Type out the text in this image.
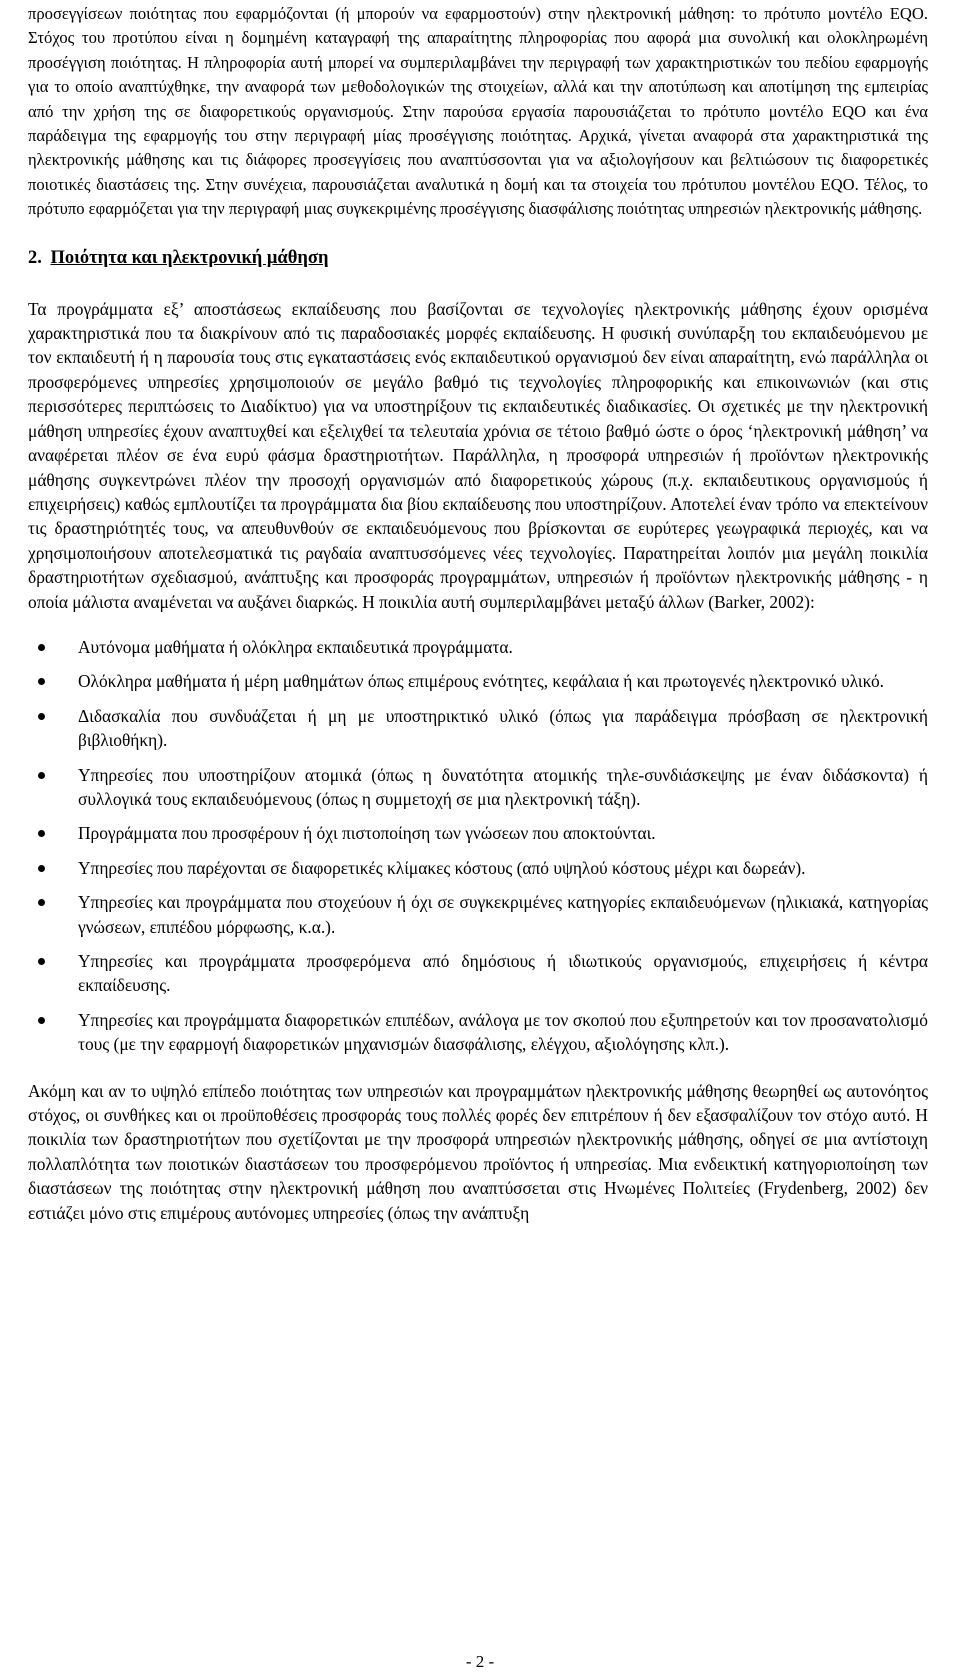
προσεγγίσεων ποιότητας που εφαρμόζονται (ή μπορούν να εφαρμοστούν) στην ηλεκτρονική μάθηση: το πρότυπο μοντέλο EQO. Στόχος του προτύπου είναι η δομημένη καταγραφή της απαραίτητης πληροφορίας που αφορά μια συνολική και ολοκληρωμένη προσέγγιση ποιότητας. Η πληροφορία αυτή μπορεί να συμπεριλαμβάνει την περιγραφή των χαρακτηριστικών του πεδίου εφαρμογής για το οποίο αναπτύχθηκε, την αναφορά των μεθοδολογικών της στοιχείων, αλλά και την αποτύπωση και αποτίμηση της εμπειρίας από την χρήση της σε διαφορετικούς οργανισμούς. Στην παρούσα εργασία παρουσιάζεται το πρότυπο μοντέλο EQO και ένα παράδειγμα της εφαρμογής του στην περιγραφή μίας προσέγγισης ποιότητας. Αρχικά, γίνεται αναφορά στα χαρακτηριστικά της ηλεκτρονικής μάθησης και τις διάφορες προσεγγίσεις που αναπτύσσονται για να αξιολογήσουν και βελτιώσουν τις διαφορετικές ποιοτικές διαστάσεις της. Στην συνέχεια, παρουσιάζεται αναλυτικά η δομή και τα στοιχεία του πρότυπου μοντέλου EQO. Τέλος, το πρότυπο εφαρμόζεται για την περιγραφή μιας συγκεκριμένης προσέγγισης διασφάλισης ποιότητας υπηρεσιών ηλεκτρονικής μάθησης.

2. Ποιότητα και ηλεκτρονική μάθηση

Τα προγράμματα εξ’ αποστάσεως εκπαίδευσης που βασίζονται σε τεχνολογίες ηλεκτρονικής μάθησης έχουν ορισμένα χαρακτηριστικά που τα διακρίνουν από τις παραδοσιακές μορφές εκπαίδευσης. Η φυσική συνύπαρξη του εκπαιδευόμενου με τον εκπαιδευτή ή η παρουσία τους στις εγκαταστάσεις ενός εκπαιδευτικού οργανισμού δεν είναι απαραίτητη, ενώ παράλληλα οι προσφερόμενες υπηρεσίες χρησιμοποιούν σε μεγάλο βαθμό τις τεχνολογίες πληροφορικής και επικοινωνιών (και στις περισσότερες περιπτώσεις το Διαδίκτυο) για να υποστηρίξουν τις εκπαιδευτικές διαδικασίες. Οι σχετικές με την ηλεκτρονική μάθηση υπηρεσίες έχουν αναπτυχθεί και εξελιχθεί τα τελευταία χρόνια σε τέτοιο βαθμό ώστε ο όρος ‘ηλεκτρονική μάθηση’ να αναφέρεται πλέον σε ένα ευρύ φάσμα δραστηριοτήτων. Παράλληλα, η προσφορά υπηρεσιών ή προϊόντων ηλεκτρονικής μάθησης συγκεντρώνει πλέον την προσοχή οργανισμών από διαφορετικούς χώρους (π.χ. εκπαιδευτικους οργανισμούς ή επιχειρήσεις) καθώς εμπλουτίζει τα προγράμματα δια βίου εκπαίδευσης που υποστηρίζουν. Αποτελεί έναν τρόπο να επεκτείνουν τις δραστηριότητές τους, να απευθυνθούν σε εκπαιδευόμενους που βρίσκονται σε ευρύτερες γεωγραφικά περιοχές, και να χρησιμοποιήσουν αποτελεσματικά τις ραγδαία αναπτυσσόμενες νέες τεχνολογίες. Παρατηρείται λοιπόν μια μεγάλη ποικιλία δραστηριοτήτων σχεδιασμού, ανάπτυξης και προσφοράς προγραμμάτων, υπηρεσιών ή προϊόντων ηλεκτρονικής μάθησης - η οποία μάλιστα αναμένεται να αυξάνει διαρκώς. Η ποικιλία αυτή συμπεριλαμβάνει μεταξύ άλλων (Barker, 2002):

Αυτόνομα μαθήματα ή ολόκληρα εκπαιδευτικά προγράμματα.
Ολόκληρα μαθήματα ή μέρη μαθημάτων όπως επιμέρους ενότητες, κεφάλαια ή και πρωτογενές ηλεκτρονικό υλικό.
Διδασκαλία που συνδυάζεται ή μη με υποστηρικτικό υλικό (όπως για παράδειγμα πρόσβαση σε ηλεκτρονική βιβλιοθήκη).
Υπηρεσίες που υποστηρίζουν ατομικά (όπως η δυνατότητα ατομικής τηλε-συνδιάσκεψης με έναν διδάσκοντα) ή συλλογικά τους εκπαιδευόμενους (όπως η συμμετοχή σε μια ηλεκτρονική τάξη).
Προγράμματα που προσφέρουν ή όχι πιστοποίηση των γνώσεων που αποκτούνται.
Υπηρεσίες που παρέχονται σε διαφορετικές κλίμακες κόστους (από υψηλού κόστους μέχρι και δωρεάν).
Υπηρεσίες και προγράμματα που στοχεύουν ή όχι σε συγκεκριμένες κατηγορίες εκπαιδευόμενων (ηλικιακά, κατηγορίας γνώσεων, επιπέδου μόρφωσης, κ.α.).
Υπηρεσίες και προγράμματα προσφερόμενα από δημόσιους ή ιδιωτικούς οργανισμούς, επιχειρήσεις ή κέντρα εκπαίδευσης.
Υπηρεσίες και προγράμματα διαφορετικών επιπέδων, ανάλογα με τον σκοπού που εξυπηρετούν και τον προσανατολισμό τους (με την εφαρμογή διαφορετικών μηχανισμών διασφάλισης, ελέγχου, αξιολόγησης κλπ.).

Ακόμη και αν το υψηλό επίπεδο ποιότητας των υπηρεσιών και προγραμμάτων ηλεκτρονικής μάθησης θεωρηθεί ως αυτονόητος στόχος, οι συνθήκες και οι προϋποθέσεις προσφοράς τους πολλές φορές δεν επιτρέπουν ή δεν εξασφαλίζουν τον στόχο αυτό. Η ποικιλία των δραστηριοτήτων που σχετίζονται με την προσφορά υπηρεσιών ηλεκτρονικής μάθησης, οδηγεί σε μια αντίστοιχη πολλαπλότητα των ποιοτικών διαστάσεων του προσφερόμενου προϊόντος ή υπηρεσίας. Μια ενδεικτική κατηγοριοποίηση των διαστάσεων της ποιότητας στην ηλεκτρονική μάθηση που αναπτύσσεται στις Ηνωμένες Πολιτείες (Frydenberg, 2002) δεν εστιάζει μόνο στις επιμέρους αυτόνομες υπηρεσίες (όπως την ανάπτυξη

- 2 -
